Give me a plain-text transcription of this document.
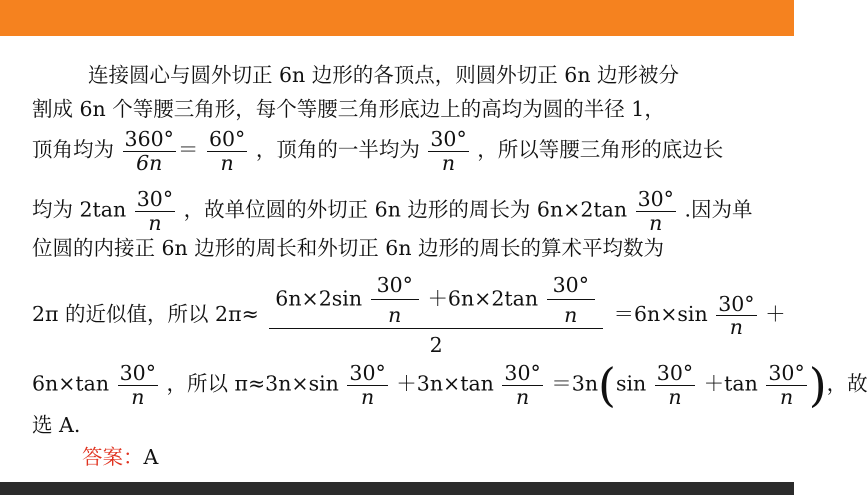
连接圆心与圆外切正 6n 边形的各顶点，则圆外切正 6n 边形被分
割成 6n 个等腰三角形，每个等腰三角形底边上的高均为圆的半径 1，
顶角均为 $\frac{360^\circ}{6n} = \frac{60^\circ}{n}$ ，顶角的一半均为 $\frac{30^\circ}{n}$ ，所以等腰三角形的底边长
均为 $2\tan \frac{30^\circ}{n}$ ，故单位圆的外切正 6n 边形的周长为 $6n\times 2\tan \frac{30^\circ}{n}$ .因为单
位圆的内接正 6n 边形的周长和外切正 6n 边形的周长的算术平均数为
2π 的近似值，所以 $2\pi\approx \frac{6n\times 2\sin \frac{30^\circ}{n} +6n\times 2\tan \frac{30^\circ}{n}}{2} =6n\times\sin \frac{30^\circ}{n}$ ＋
$6n\times\tan \frac{30^\circ}{n}$ ，所以 $\pi\approx 3n\times\sin \frac{30^\circ}{n} +3n\times\tan \frac{30^\circ}{n} =3n(\sin \frac{30^\circ}{n} +\tan \frac{30^\circ}{n}$ )，故
选 A.
答案：A
